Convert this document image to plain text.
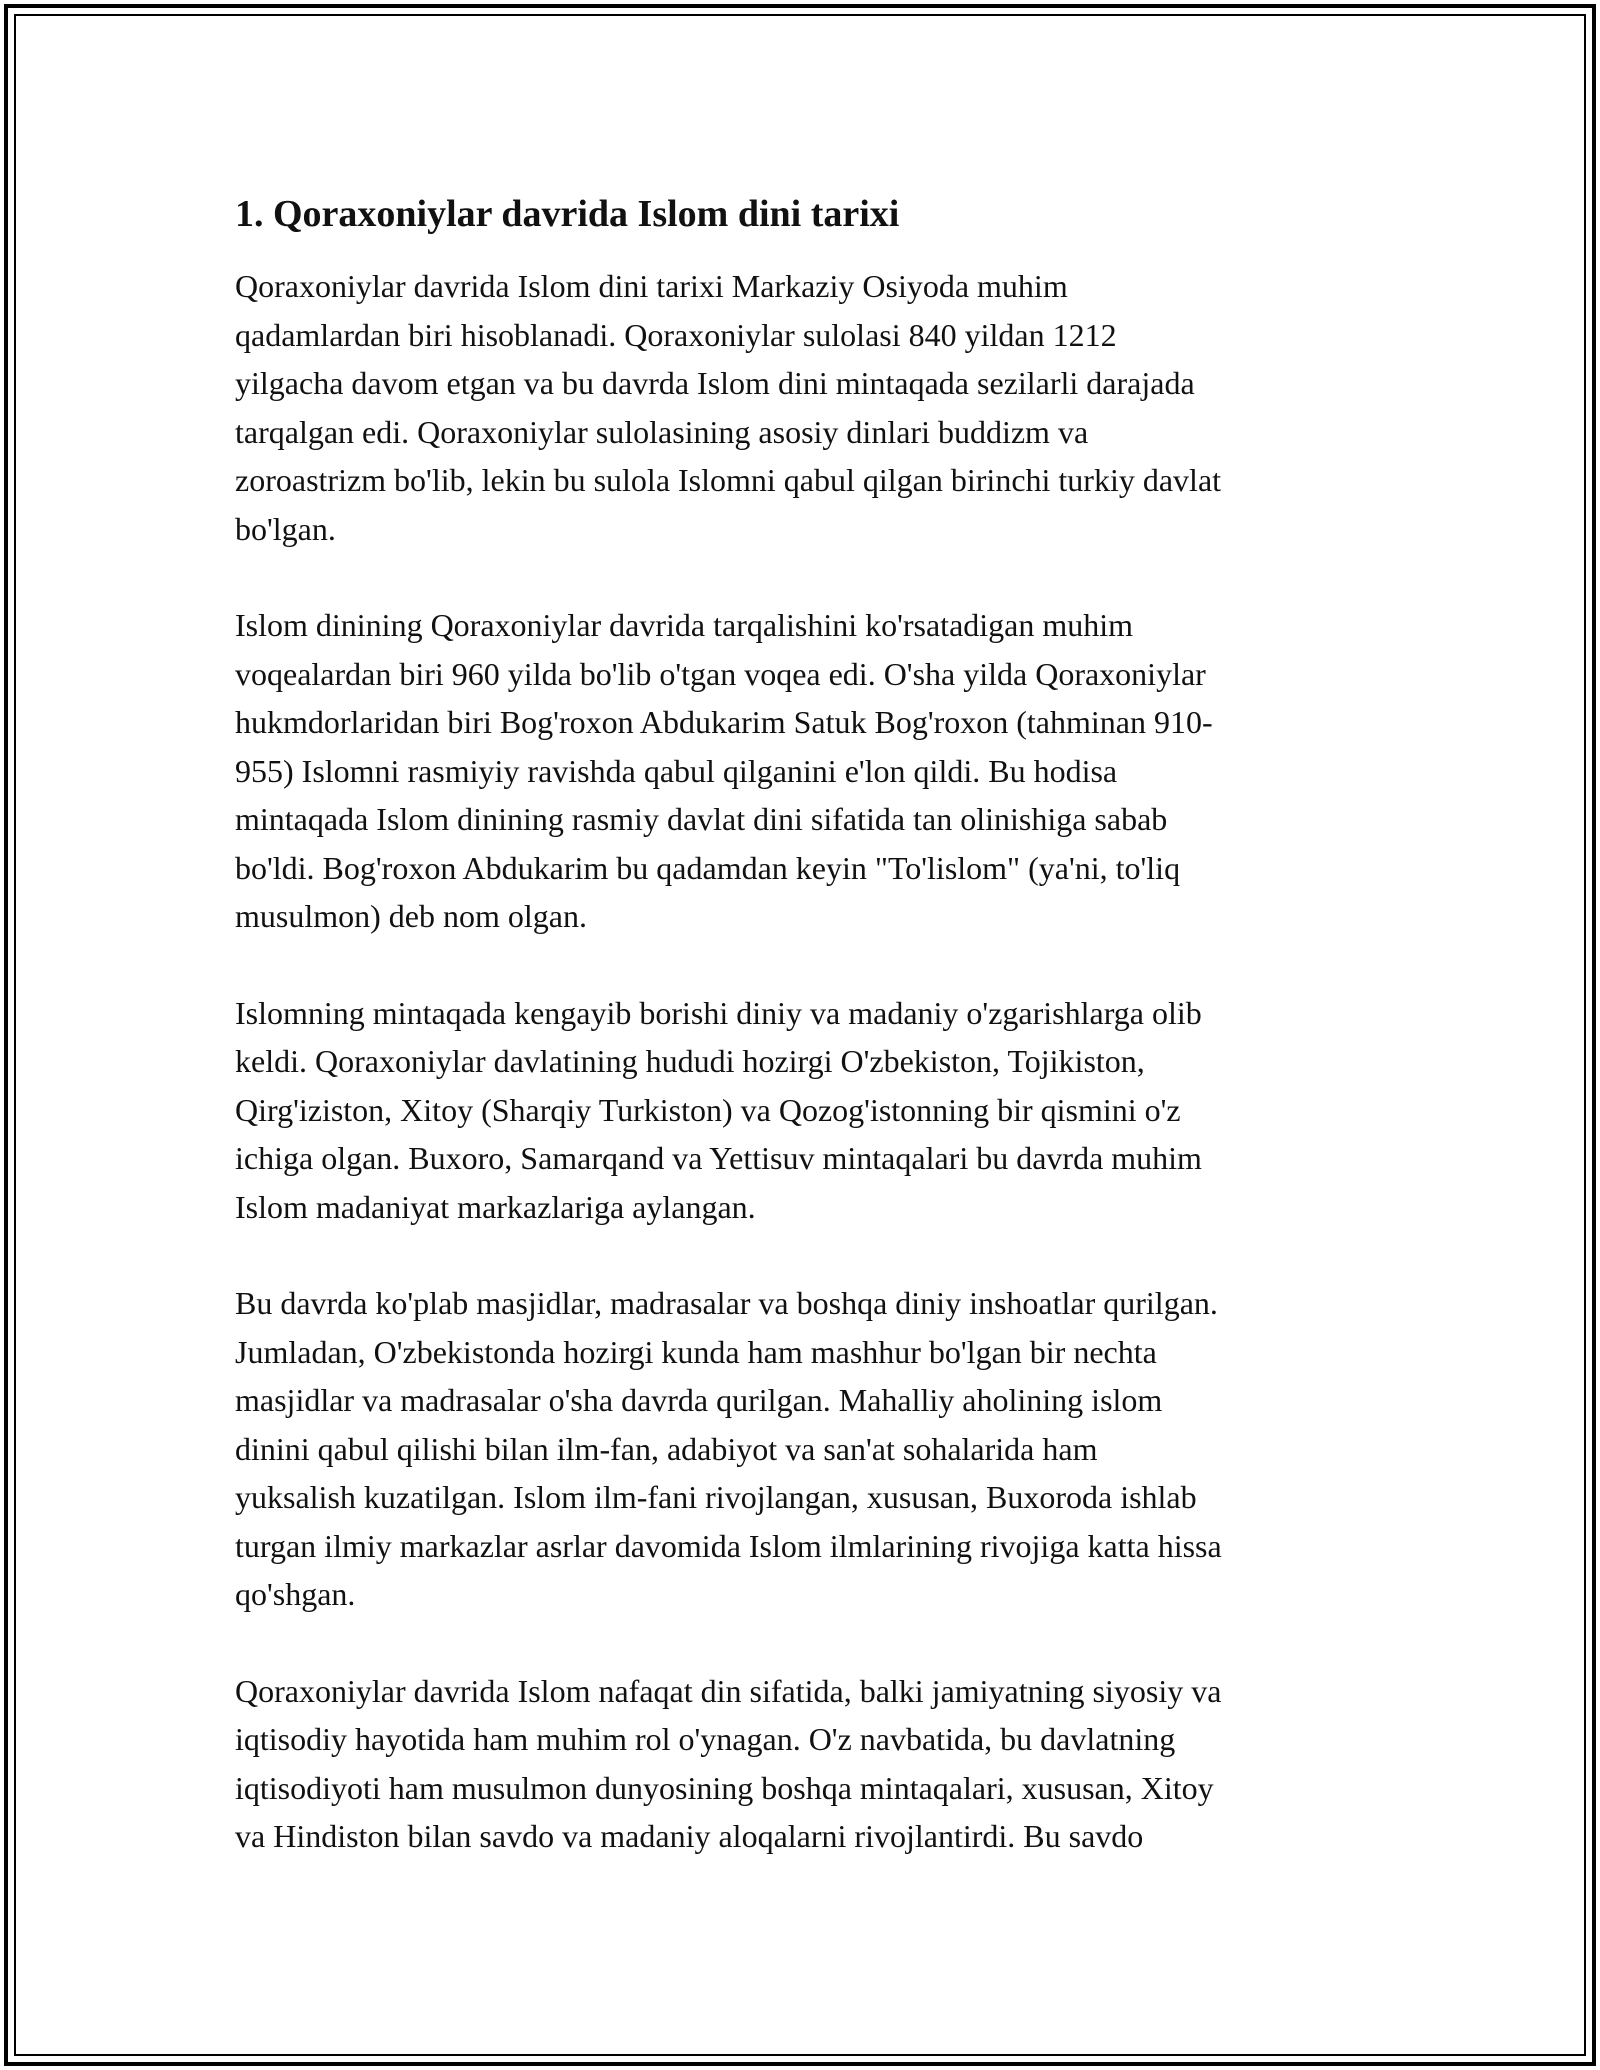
1. Qoraxoniylar davrida Islom dini tarixi

Qoraxoniylar davrida Islom dini tarixi Markaziy Osiyoda muhim
qadamlardan biri hisoblanadi. Qoraxoniylar sulolasi 840 yildan 1212
yilgacha davom etgan va bu davrda Islom dini mintaqada sezilarli darajada
tarqalgan edi. Qoraxoniylar sulolasining asosiy dinlari buddizm va
zoroastrizm bo'lib, lekin bu sulola Islomni qabul qilgan birinchi turkiy davlat
bo'lgan.

Islom dinining Qoraxoniylar davrida tarqalishini ko'rsatadigan muhim
voqealardan biri 960 yilda bo'lib o'tgan voqea edi. O'sha yilda Qoraxoniylar
hukmdorlaridan biri Bog'roxon Abdukarim Satuk Bog'roxon (tahminan 910-
955) Islomni rasmiyiy ravishda qabul qilganini e'lon qildi. Bu hodisa
mintaqada Islom dinining rasmiy davlat dini sifatida tan olinishiga sabab
bo'ldi. Bog'roxon Abdukarim bu qadamdan keyin "To'lislom" (ya'ni, to'liq
musulmon) deb nom olgan.

Islomning mintaqada kengayib borishi diniy va madaniy o'zgarishlarga olib
keldi. Qoraxoniylar davlatining hududi hozirgi O'zbekiston, Tojikiston,
Qirg'iziston, Xitoy (Sharqiy Turkiston) va Qozog'istonning bir qismini o'z
ichiga olgan. Buxoro, Samarqand va Yettisuv mintaqalari bu davrda muhim
Islom madaniyat markazlariga aylangan.

Bu davrda ko'plab masjidlar, madrasalar va boshqa diniy inshoatlar qurilgan.
Jumladan, O'zbekistonda hozirgi kunda ham mashhur bo'lgan bir nechta
masjidlar va madrasalar o'sha davrda qurilgan. Mahalliy aholining islom
dinini qabul qilishi bilan ilm-fan, adabiyot va san'at sohalarida ham
yuksalish kuzatilgan. Islom ilm-fani rivojlangan, xususan, Buxoroda ishlab
turgan ilmiy markazlar asrlar davomida Islom ilmlarining rivojiga katta hissa
qo'shgan.

Qoraxoniylar davrida Islom nafaqat din sifatida, balki jamiyatning siyosiy va
iqtisodiy hayotida ham muhim rol o'ynagan. O'z navbatida, bu davlatning
iqtisodiyoti ham musulmon dunyosining boshqa mintaqalari, xususan, Xitoy
va Hindiston bilan savdo va madaniy aloqalarni rivojlantirdi. Bu savdo
